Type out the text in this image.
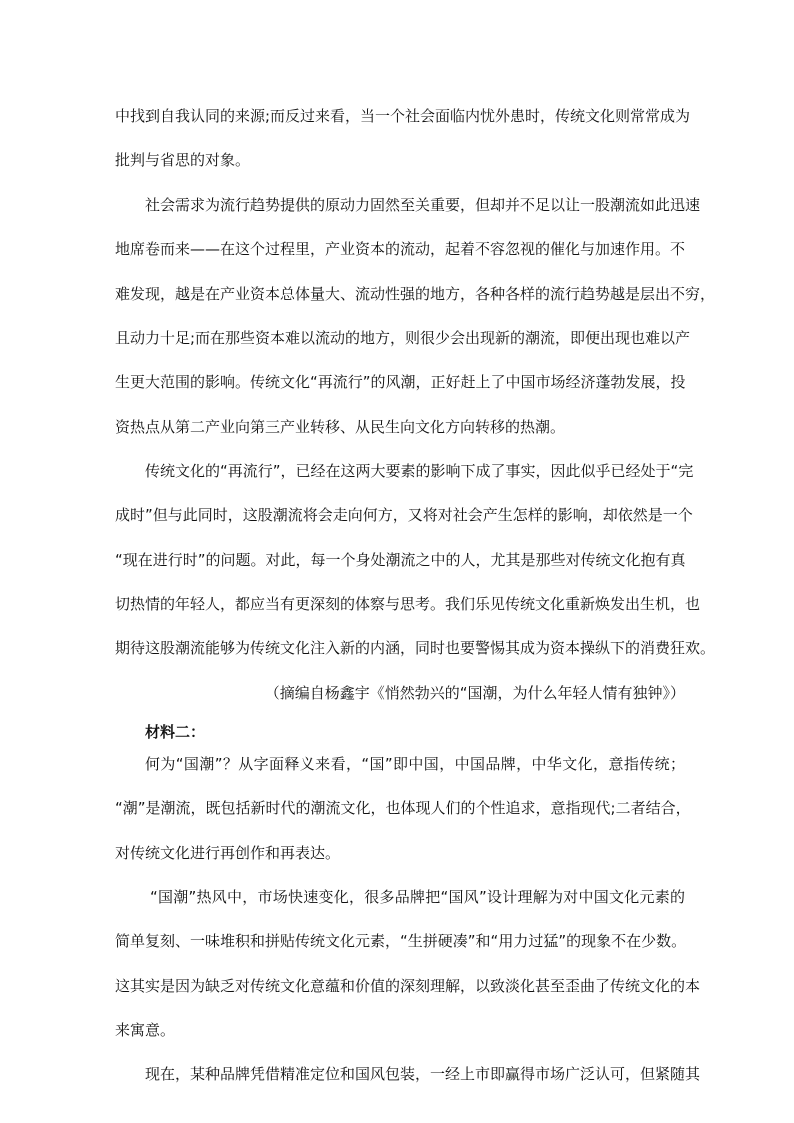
中找到自我认同的来源;而反过来看，当一个社会面临内忧外患时，传统文化则常常成为
批判与省思的对象。
社会需求为流行趋势提供的原动力固然至关重要，但却并不足以让一股潮流如此迅速
地席卷而来——在这个过程里，产业资本的流动，起着不容忽视的催化与加速作用。不
难发现，越是在产业资本总体量大、流动性强的地方，各种各样的流行趋势越是层出不穷，
且动力十足;而在那些资本难以流动的地方，则很少会出现新的潮流，即便出现也难以产
生更大范围的影响。传统文化“再流行”的风潮，正好赶上了中国市场经济蓬勃发展，投
资热点从第二产业向第三产业转移、从民生向文化方向转移的热潮。
传统文化的“再流行”，已经在这两大要素的影响下成了事实，因此似乎已经处于“完
成时”但与此同时，这股潮流将会走向何方，又将对社会产生怎样的影响，却依然是一个
“现在进行时”的问题。对此，每一个身处潮流之中的人，尤其是那些对传统文化抱有真
切热情的年轻人，都应当有更深刻的体察与思考。我们乐见传统文化重新焕发出生机，也
期待这股潮流能够为传统文化注入新的内涵，同时也要警惕其成为资本操纵下的消费狂欢。
（摘编自杨鑫宇《悄然勃兴的“国潮，为什么年轻人情有独钟》）
材料二：
何为“国潮”？从字面释义来看，“国”即中国，中国品牌，中华文化，意指传统；
“潮”是潮流，既包括新时代的潮流文化，也体现人们的个性追求，意指现代;二者结合，
对传统文化进行再创作和再表达。
“国潮”热风中，市场快速变化，很多品牌把“国风”设计理解为对中国文化元素的
简单复刻、一味堆积和拼贴传统文化元素，“生拼硬凑”和“用力过猛”的现象不在少数。
这其实是因为缺乏对传统文化意蕴和价值的深刻理解，以致淡化甚至歪曲了传统文化的本
来寓意。
现在，某种品牌凭借精准定位和国风包装，一经上市即赢得市场广泛认可，但紧随其
